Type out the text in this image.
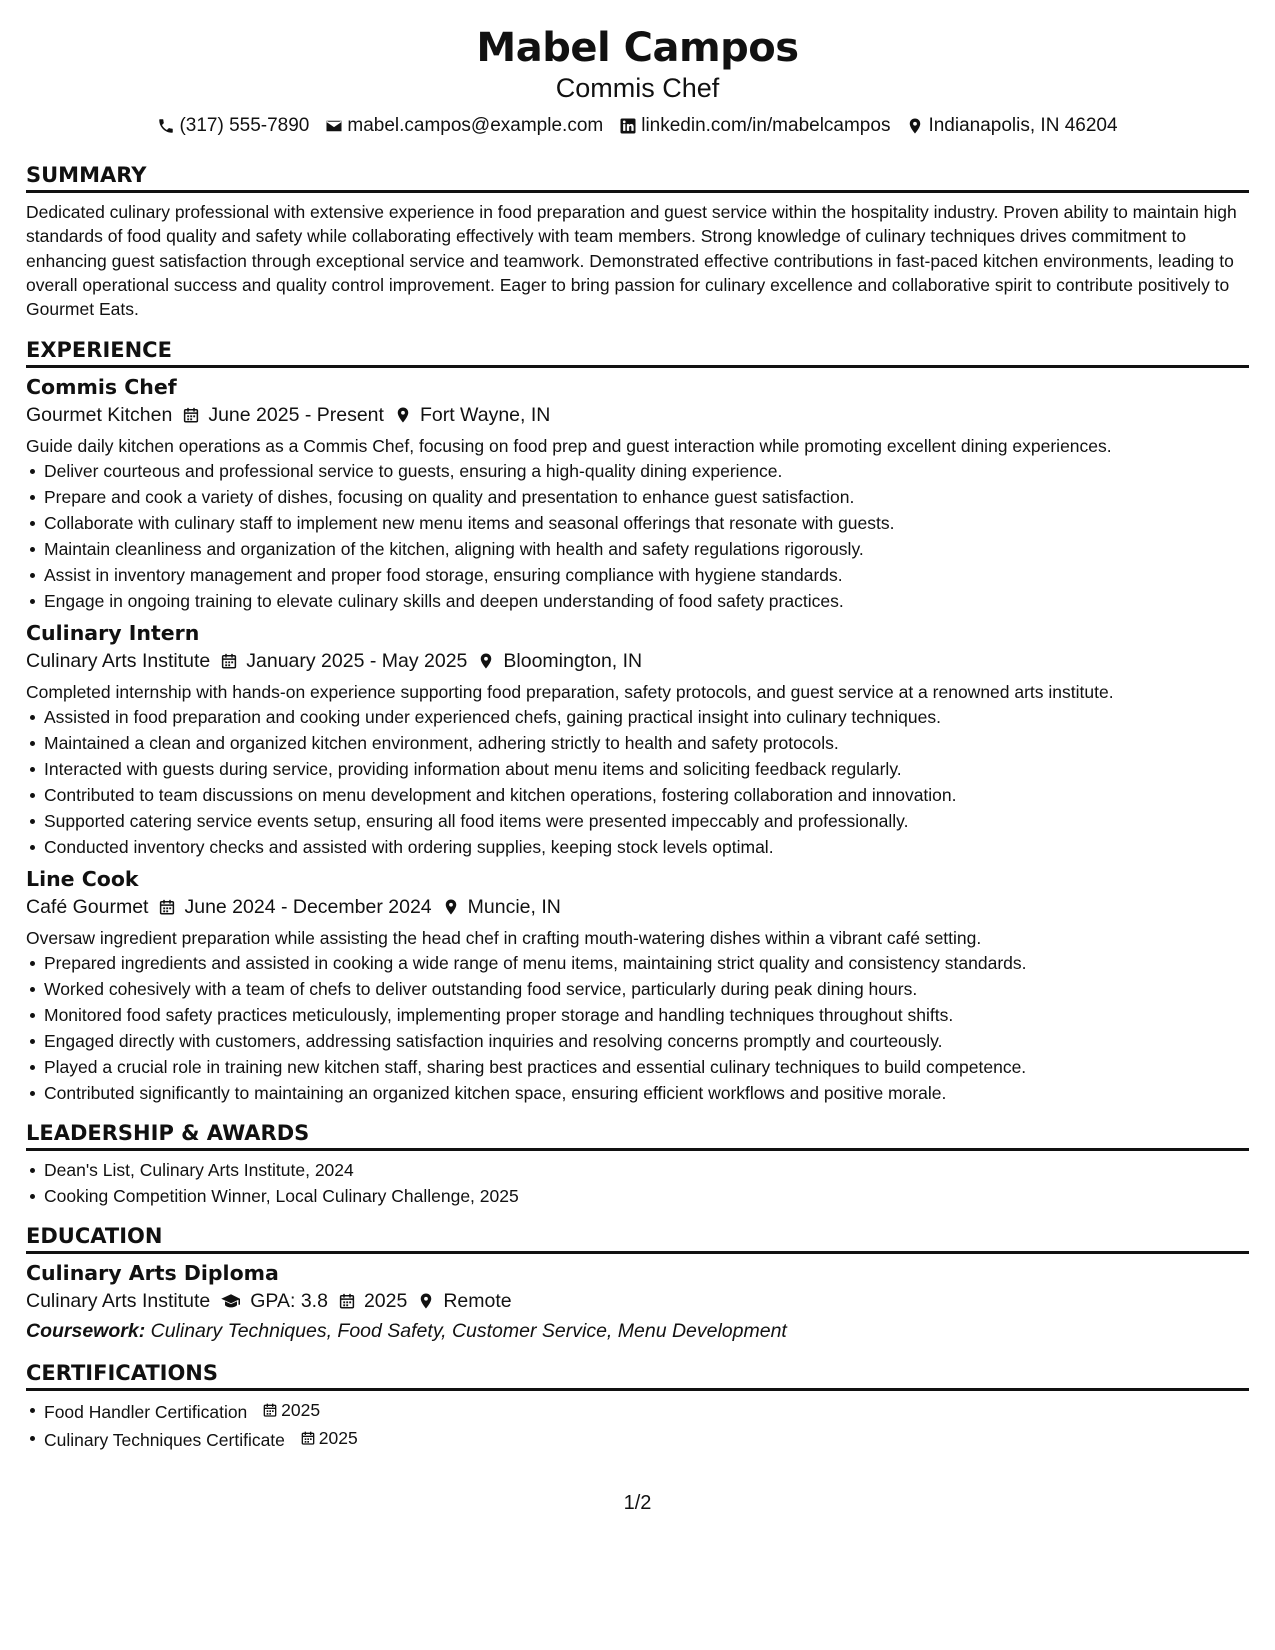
Mabel Campos
Commis Chef
(317) 555-7890 mabel.campos@example.com linkedin.com/in/mabelcampos Indianapolis, IN 46204
SUMMARY

Dedicated culinary professional with extensive experience in food preparation and guest service within the hospitality industry. Proven ability to maintain high standards of food quality and safety while collaborating effectively with team members. Strong knowledge of culinary techniques drives commitment to enhancing guest satisfaction through exceptional service and teamwork. Demonstrated effective contributions in fast-paced kitchen environments, leading to overall operational success and quality control improvement. Eager to bring passion for culinary excellence and collaborative spirit to contribute positively to Gourmet Eats.

EXPERIENCE
Commis Chef
Gourmet Kitchen June 2025 - Present Fort Wayne, IN

Guide daily kitchen operations as a Commis Chef, focusing on food prep and guest interaction while promoting excellent dining experiences.

Deliver courteous and professional service to guests, ensuring a high-quality dining experience.
Prepare and cook a variety of dishes, focusing on quality and presentation to enhance guest satisfaction.
Collaborate with culinary staff to implement new menu items and seasonal offerings that resonate with guests.
Maintain cleanliness and organization of the kitchen, aligning with health and safety regulations rigorously.
Assist in inventory management and proper food storage, ensuring compliance with hygiene standards.
Engage in ongoing training to elevate culinary skills and deepen understanding of food safety practices.
Culinary Intern
Culinary Arts Institute January 2025 - May 2025 Bloomington, IN

Completed internship with hands-on experience supporting food preparation, safety protocols, and guest service at a renowned arts institute.

Assisted in food preparation and cooking under experienced chefs, gaining practical insight into culinary techniques.
Maintained a clean and organized kitchen environment, adhering strictly to health and safety protocols.
Interacted with guests during service, providing information about menu items and soliciting feedback regularly.
Contributed to team discussions on menu development and kitchen operations, fostering collaboration and innovation.
Supported catering service events setup, ensuring all food items were presented impeccably and professionally.
Conducted inventory checks and assisted with ordering supplies, keeping stock levels optimal.
Line Cook
Café Gourmet June 2024 - December 2024 Muncie, IN

Oversaw ingredient preparation while assisting the head chef in crafting mouth-watering dishes within a vibrant café setting.

Prepared ingredients and assisted in cooking a wide range of menu items, maintaining strict quality and consistency standards.
Worked cohesively with a team of chefs to deliver outstanding food service, particularly during peak dining hours.
Monitored food safety practices meticulously, implementing proper storage and handling techniques throughout shifts.
Engaged directly with customers, addressing satisfaction inquiries and resolving concerns promptly and courteously.
Played a crucial role in training new kitchen staff, sharing best practices and essential culinary techniques to build competence.
Contributed significantly to maintaining an organized kitchen space, ensuring efficient workflows and positive morale.
LEADERSHIP & AWARDS
Dean's List, Culinary Arts Institute, 2024
Cooking Competition Winner, Local Culinary Challenge, 2025
EDUCATION
Culinary Arts Diploma
Culinary Arts Institute GPA: 3.8 2025 Remote
Coursework: Culinary Techniques, Food Safety, Customer Service, Menu Development
CERTIFICATIONS
Food Handler Certification 2025
Culinary Techniques Certificate 2025
1/2
